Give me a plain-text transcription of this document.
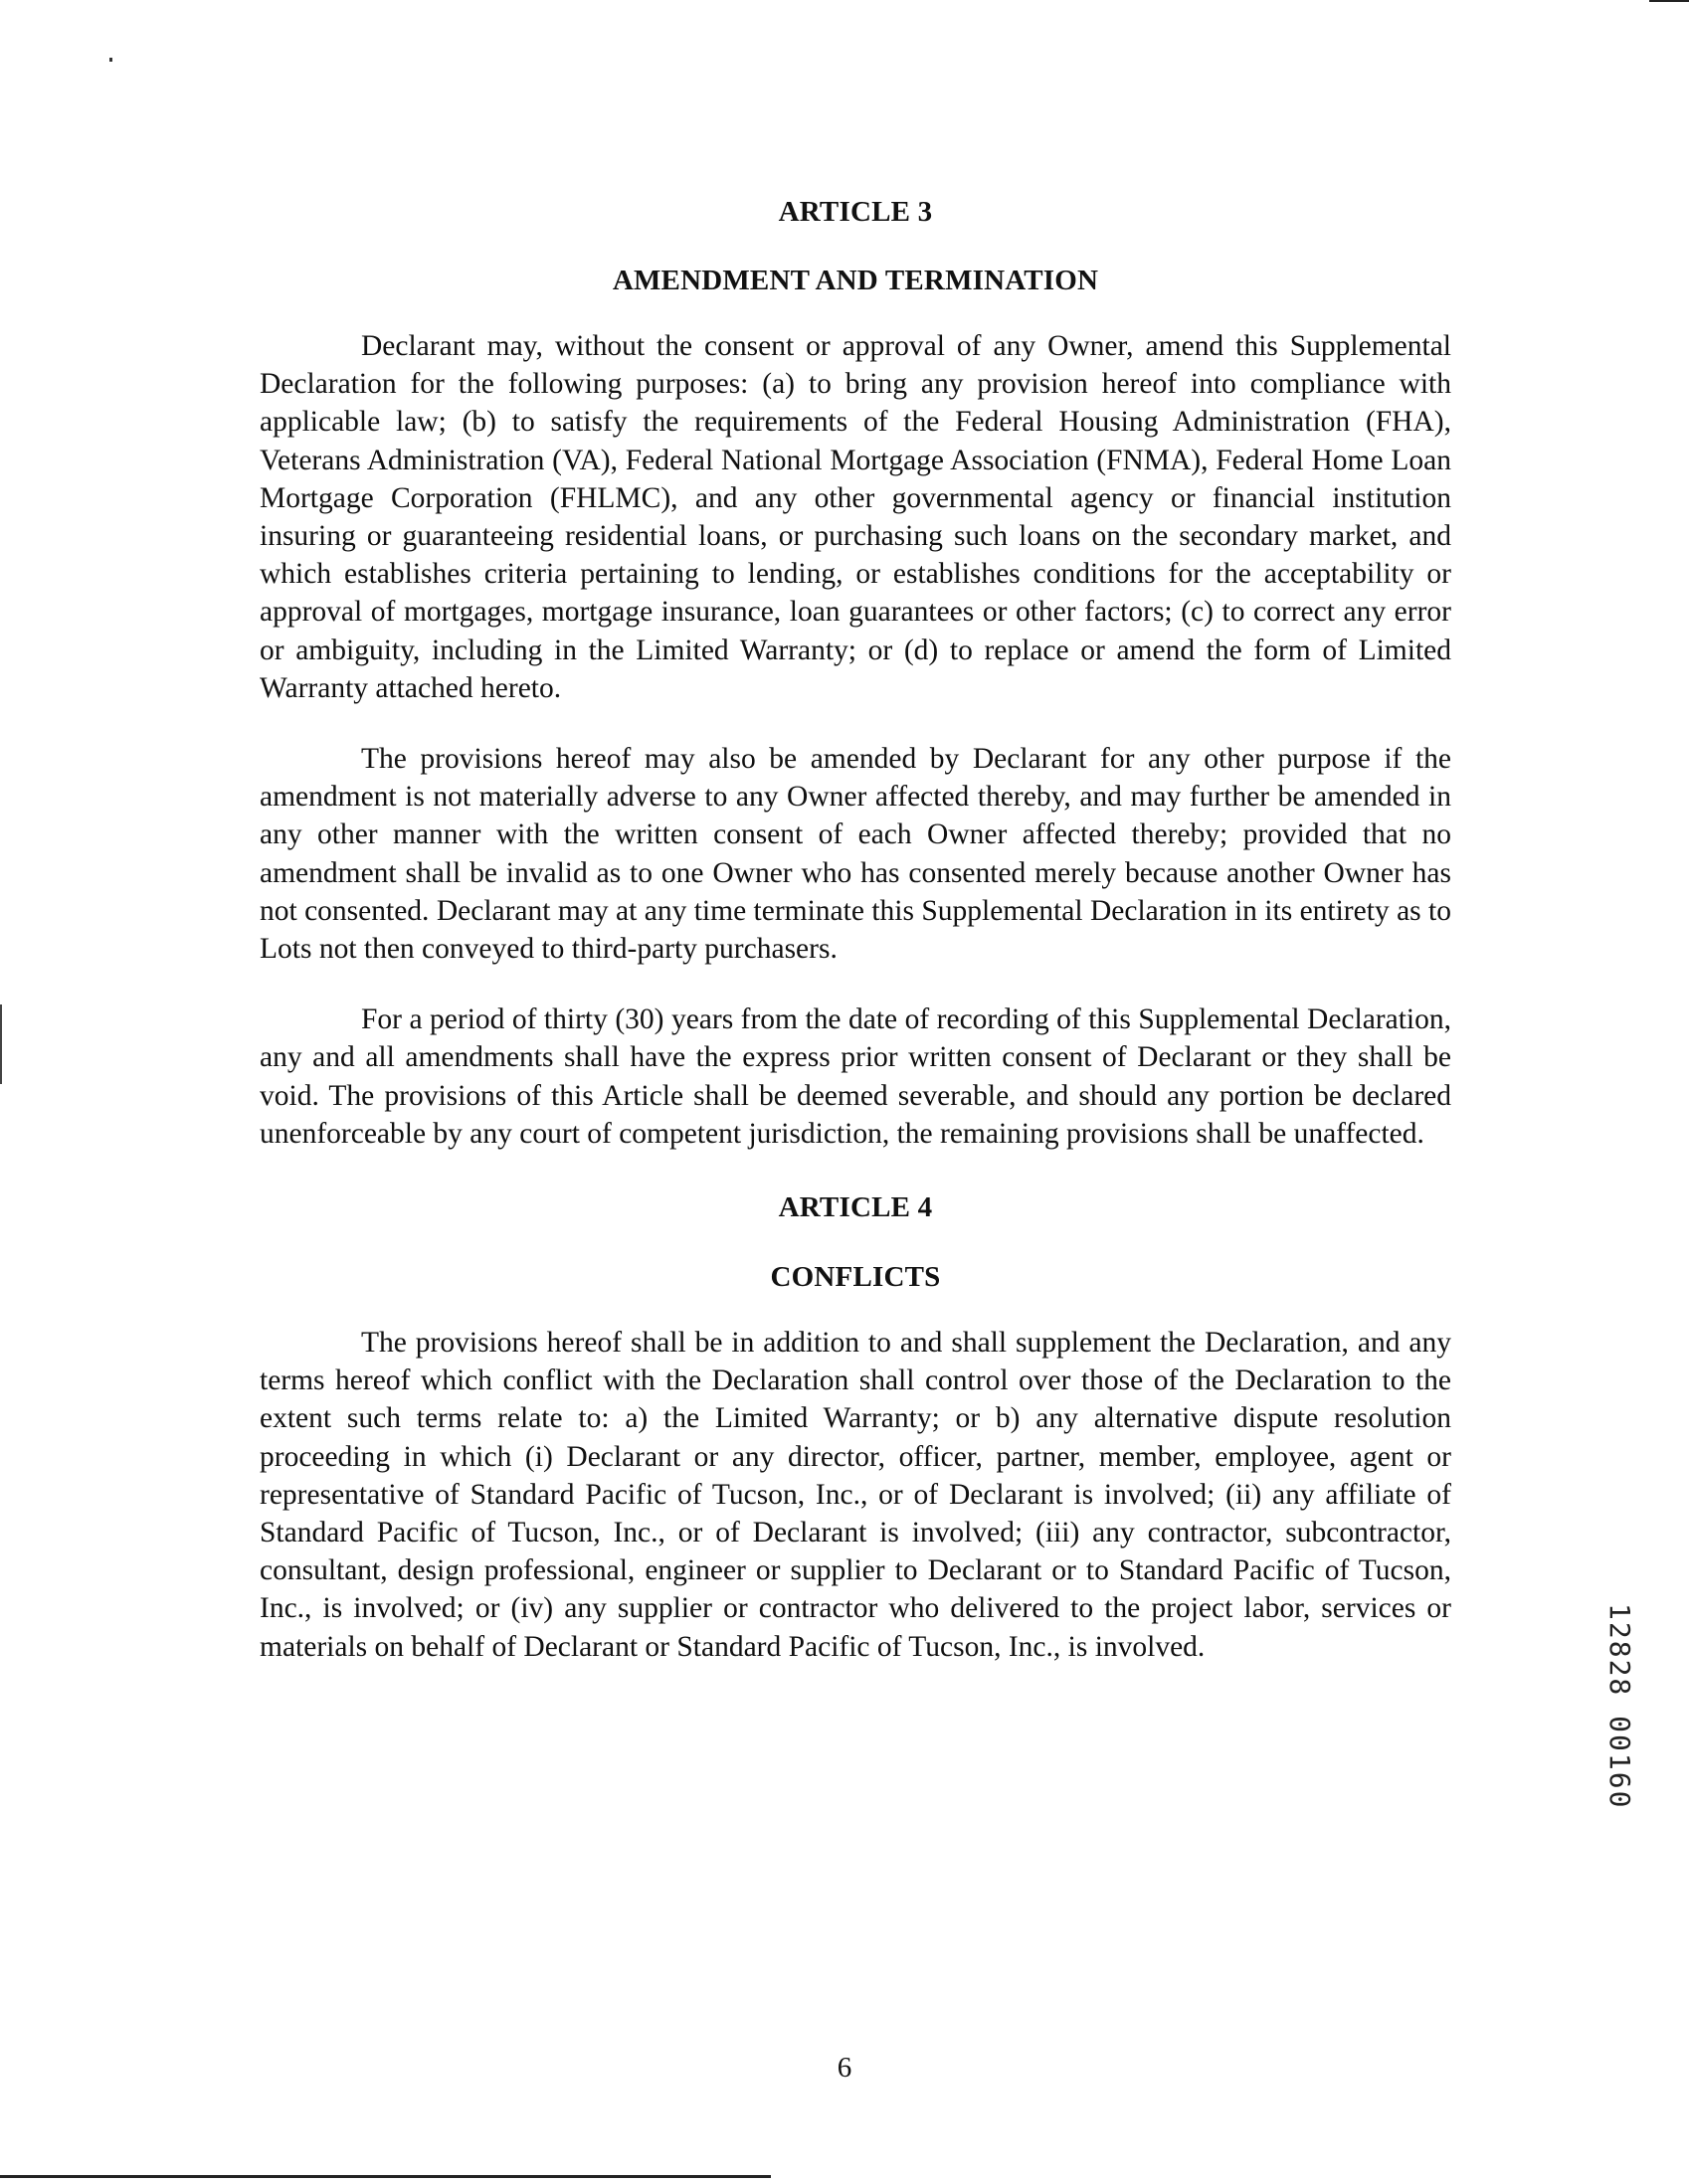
ARTICLE 3
AMENDMENT AND TERMINATION

Declarant may, without the consent or approval of any Owner, amend this Supplemental Declaration for the following purposes: (a) to bring any provision hereof into compliance with applicable law; (b) to satisfy the requirements of the Federal Housing Administration (FHA), Veterans Administration (VA), Federal National Mortgage Association (FNMA), Federal Home Loan Mortgage Corporation (FHLMC), and any other governmental agency or financial institution insuring or guaranteeing residential loans, or purchasing such loans on the secondary market, and which establishes criteria pertaining to lending, or establishes conditions for the acceptability or approval of mortgages, mortgage insurance, loan guarantees or other factors; (c) to correct any error or ambiguity, including in the Limited Warranty; or (d) to replace or amend the form of Limited Warranty attached hereto.

The provisions hereof may also be amended by Declarant for any other purpose if the amendment is not materially adverse to any Owner affected thereby, and may further be amended in any other manner with the written consent of each Owner affected thereby; provided that no amendment shall be invalid as to one Owner who has consented merely because another Owner has not consented. Declarant may at any time terminate this Supplemental Declaration in its entirety as to Lots not then conveyed to third-party purchasers.

For a period of thirty (30) years from the date of recording of this Supplemental Declaration, any and all amendments shall have the express prior written consent of Declarant or they shall be void. The provisions of this Article shall be deemed severable, and should any portion be declared unenforceable by any court of competent jurisdiction, the remaining provisions shall be unaffected.

ARTICLE 4
CONFLICTS

The provisions hereof shall be in addition to and shall supplement the Declaration, and any terms hereof which conflict with the Declaration shall control over those of the Declaration to the extent such terms relate to: a) the Limited Warranty; or b) any alternative dispute resolution proceeding in which (i) Declarant or any director, officer, partner, member, employee, agent or representative of Standard Pacific of Tucson, Inc., or of Declarant is involved; (ii) any affiliate of Standard Pacific of Tucson, Inc., or of Declarant is involved; (iii) any contractor, subcontractor, consultant, design professional, engineer or supplier to Declarant or to Standard Pacific of Tucson, Inc., is involved; or (iv) any supplier or contractor who delivered to the project labor, services or materials on behalf of Declarant or Standard Pacific of Tucson, Inc., is involved.	12828 00160
6
